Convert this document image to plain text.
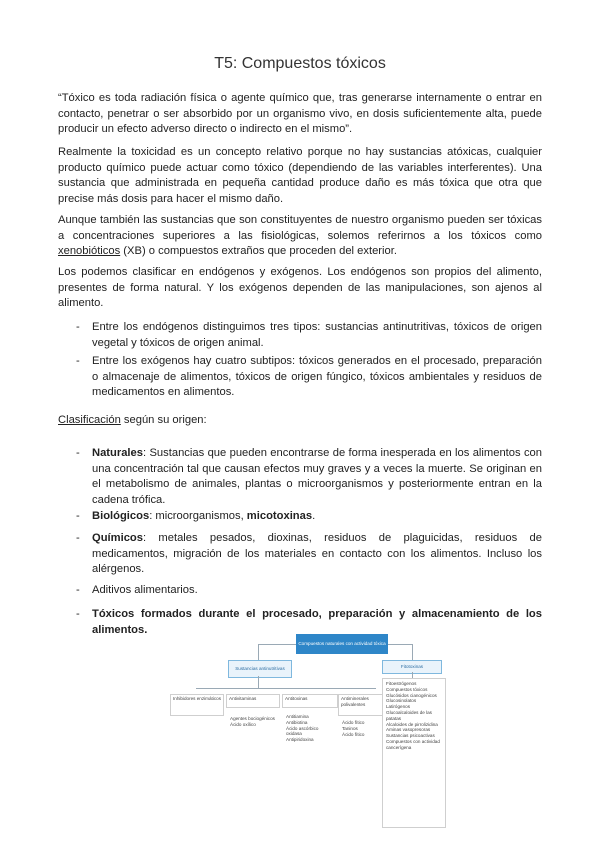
T5: Compuestos tóxicos

“Tóxico es toda radiación física o agente químico que, tras generarse internamente o entrar en contacto, penetrar o ser absorbido por un organismo vivo, en dosis suficientemente alta, puede producir un efecto adverso directo o indirecto en el mismo”.

Realmente la toxicidad es un concepto relativo porque no hay sustancias atóxicas, cualquier producto químico puede actuar como tóxico (dependiendo de las variables interferentes). Una sustancia que administrada en pequeña cantidad produce daño es más tóxica que otra que precise más dosis para hacer el mismo daño.

Aunque también las sustancias que son constituyentes de nuestro organismo pueden ser tóxicas a concentraciones superiores a las fisiológicas, solemos referirnos a los tóxicos como xenobióticos (XB) o compuestos extraños que proceden del exterior.

Los podemos clasificar en endógenos y exógenos. Los endógenos son propios del alimento, presentes de forma natural. Y los exógenos dependen de las manipulaciones, son ajenos al alimento.

- Entre los endógenos distinguimos tres tipos: sustancias antinutritivas, tóxicos de origen vegetal y tóxicos de origen animal.

- Entre los exógenos hay cuatro subtipos: tóxicos generados en el procesado, preparación o almacenaje de alimentos, tóxicos de origen fúngico, tóxicos ambientales y residuos de medicamentos en alimentos.

Clasificación según su origen:

- Naturales: Sustancias que pueden encontrarse de forma inesperada en los alimentos con una concentración tal que causan efectos muy graves y a veces la muerte. Se originan en el metabolismo de animales, plantas o microorganismos y posteriormente entran en la cadena trófica.

- Biológicos: microorganismos, micotoxinas.

- Químicos: metales pesados, dioxinas, residuos de plaguicidas, residuos de medicamentos, migración de los materiales en contacto con los alimentos. Incluso los alérgenos.

- Aditivos alimentarios.

- Tóxicos formados durante el procesado, preparación y almacenamiento de los alimentos.

Compuestos naturales con actividad tóxica
Sustancias antinutritivas	Fitotoxinas
Inhibidores enzimáticos	Antivitaminas	Antitoxinas	Antiminerales polivalentes
Agentes bociogénicos
Ácido oxílico
Antitiamina
Antibiotina
Ácido ascórbico oxidasa
Antipiridoxina
Ácido fítico
Taninos
Ácido fítico
Fitoestrógenos
Compuestos tóxicos
Glucósidos cianogénicos
Glucosinolatos
Latirógenos
Glucoalcaloides de las patatas
Alcaloides de pirrolizidina
Aminas vasopresoras
Sustancias psicoactivas
Compuestos con actividad cancerígena
